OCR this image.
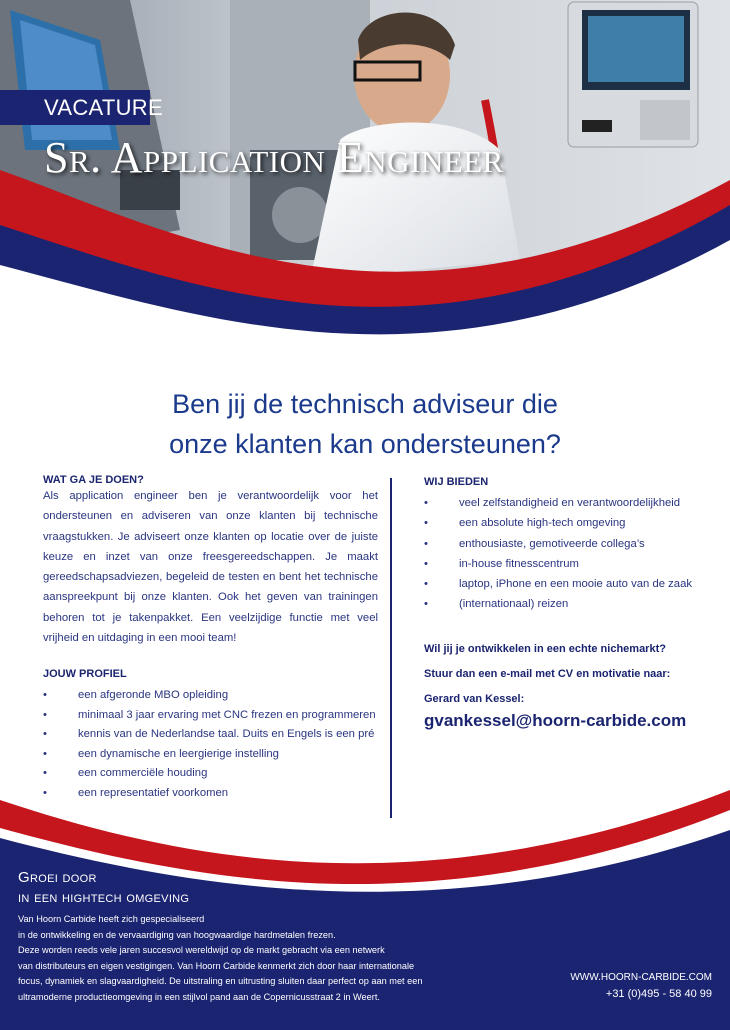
VACATURE
Sr. Application Engineer
Ben jij de technisch adviseur die
onze klanten kan ondersteunen?
WAT GA JE DOEN?
Als application engineer ben je verantwoordelijk voor het ondersteunen en adviseren van onze klanten bij technische vraagstukken. Je adviseert onze klanten op locatie over de juiste keuze en inzet van onze freesgereedschappen. Je maakt gereedschapsadviezen, begeleid de testen en bent het technische aanspreekpunt bij onze klanten. Ook het geven van trainingen behoren tot je takenpakket. Een veelzijdige functie met veel vrijheid en uitdaging in een mooi team!
JOUW PROFIEL
•	een afgeronde MBO opleiding
•	minimaal 3 jaar ervaring met CNC frezen en programmeren
•	kennis van de Nederlandse taal. Duits en Engels is een pré
•	een dynamische en leergierige instelling
•	een commerciële houding
•	een representatief voorkomen
WIJ BIEDEN
•	veel zelfstandigheid en verantwoordelijkheid
•	een absolute high-tech omgeving
•	enthousiaste, gemotiveerde collega’s
•	in-house fitnesscentrum
•	laptop, iPhone en een mooie auto van de zaak
•	(internationaal) reizen
Wil jij je ontwikkelen in een echte nichemarkt?
Stuur dan een e-mail met CV en motivatie naar:
Gerard van Kessel:
gvankessel@hoorn-carbide.com
Groei door
in een hightech omgeving
Van Hoorn Carbide heeft zich gespecialiseerd
in de ontwikkeling en de vervaardiging van hoogwaardige hardmetalen frezen.
Deze worden reeds vele jaren succesvol wereldwijd op de markt gebracht via een netwerk
van distributeurs en eigen vestigingen. Van Hoorn Carbide kenmerkt zich door haar internationale
focus, dynamiek en slagvaardigheid. De uitstraling en uitrusting sluiten daar perfect op aan met een
ultramoderne productieomgeving in een stijlvol pand aan de Copernicusstraat 2 in Weert.
WWW.HOORN-CARBIDE.COM
+31 (0)495 - 58 40 99
